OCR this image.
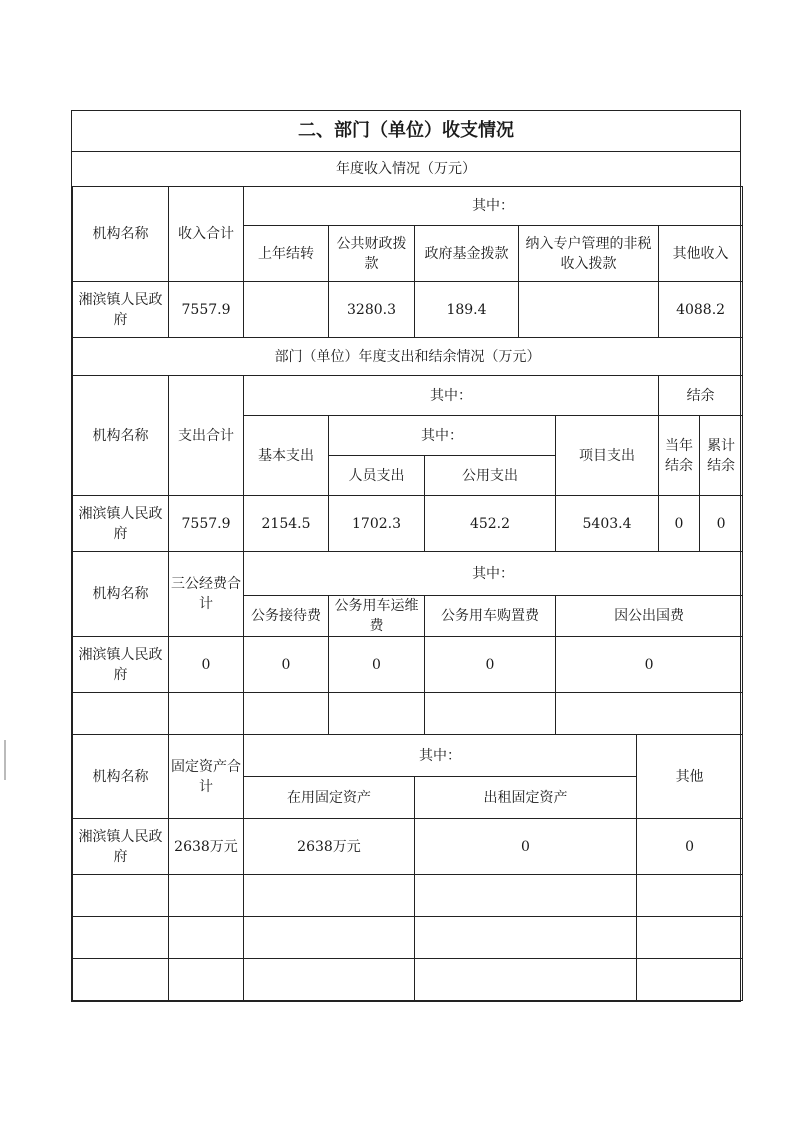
二、部门（单位）收支情况
年度收入情况（万元）
机构名称	收入合计	其中：								
		上年结转	公共财政拨款	政府基金拨款		纳入专户管理的非税收入拨款			其他收入	
湘滨镇人民政府	7557.9		3280.3	189.4					4088.2	
部门（单位）年度支出和结余情况（万元）										
机构名称	支出合计	其中：							结余	
		基本支出	其中：				项目支出		当年结余	累计结余
			人员支出		公用支出					
湘滨镇人民政府	7557.9	2154.5	1702.3		452.2		5403.4		0	0
机构名称	三公经费合计	其中：								
		公务接待费	公务用车运维费		公务用车购置费		因公出国费			
湘滨镇人民政府	0	0	0		0		0			

机构名称	固定资产合计	其中：						其他		
		在用固定资产		出租固定资产						
湘滨镇人民政府	2638万元	2638万元		0				0		
